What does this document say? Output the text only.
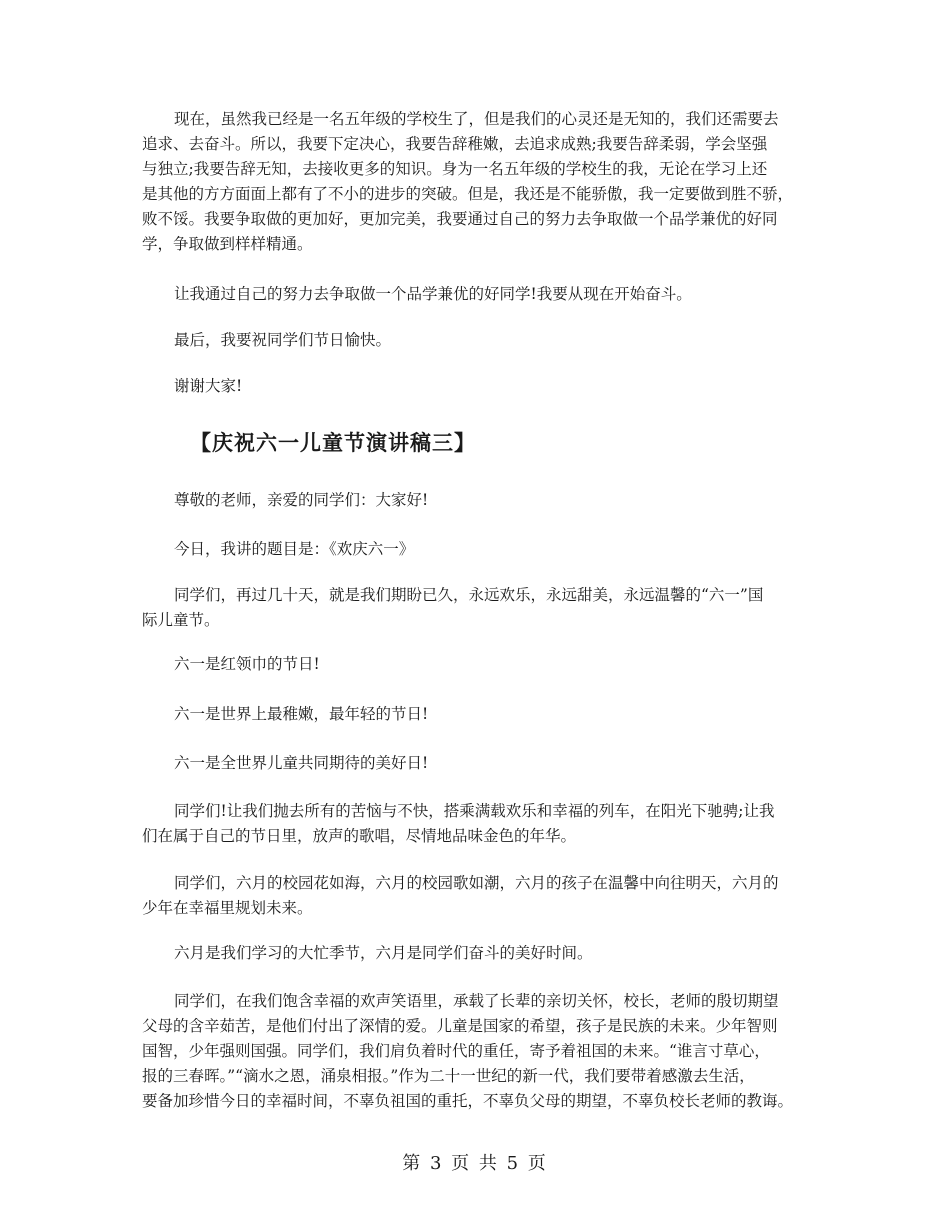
现在，虽然我已经是一名五年级的学校生了，但是我们的心灵还是无知的，我们还需要去
追求、去奋斗。所以，我要下定决心，我要告辞稚嫩，去追求成熟;我要告辞柔弱，学会坚强
与独立;我要告辞无知，去接收更多的知识。身为一名五年级的学校生的我，无论在学习上还
是其他的方方面面上都有了不小的进步的突破。但是，我还是不能骄傲，我一定要做到胜不骄，
败不馁。我要争取做的更加好，更加完美，我要通过自己的努力去争取做一个品学兼优的好同
学，争取做到样样精通。
让我通过自己的努力去争取做一个品学兼优的好同学!我要从现在开始奋斗。
最后，我要祝同学们节日愉快。
谢谢大家!
【庆祝六一儿童节演讲稿三】
尊敬的老师，亲爱的同学们：大家好!
今日，我讲的题目是：《欢庆六一》
同学们，再过几十天，就是我们期盼已久，永远欢乐，永远甜美，永远温馨的“六一”国
际儿童节。
六一是红领巾的节日!
六一是世界上最稚嫩，最年轻的节日!
六一是全世界儿童共同期待的美好日!
同学们!让我们抛去所有的苦恼与不快，搭乘满载欢乐和幸福的列车，在阳光下驰骋;让我
们在属于自己的节日里，放声的歌唱，尽情地品味金色的年华。
同学们，六月的校园花如海，六月的校园歌如潮，六月的孩子在温馨中向往明天，六月的
少年在幸福里规划未来。
六月是我们学习的大忙季节，六月是同学们奋斗的美好时间。
同学们，在我们饱含幸福的欢声笑语里，承载了长辈的亲切关怀，校长，老师的殷切期望
父母的含辛茹苦，是他们付出了深情的爱。儿童是国家的希望，孩子是民族的未来。少年智则
国智，少年强则国强。同学们，我们肩负着时代的重任，寄予着祖国的未来。“谁言寸草心，
报的三春晖。”“滴水之恩，涌泉相报。”作为二十一世纪的新一代，我们要带着感激去生活，
要备加珍惜今日的幸福时间，不辜负祖国的重托，不辜负父母的期望，不辜负校长老师的教诲。
第 3 页 共 5 页
